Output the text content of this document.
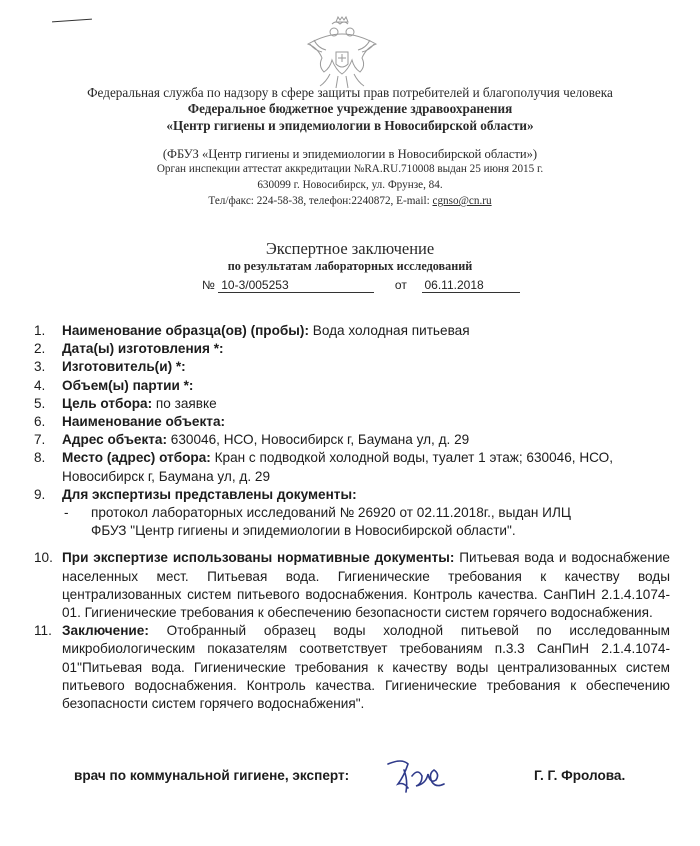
Федеральная служба по надзору в сфере защиты прав потребителей и благополучия человека
Федеральное бюджетное учреждение здравоохранения
«Центр гигиены и эпидемиологии в Новосибирской области»
(ФБУЗ «Центр гигиены и эпидемиологии в Новосибирской области»)
Орган инспекции аттестат аккредитации №RA.RU.710008 выдан 25 июня 2015 г.
630099 г. Новосибирск, ул. Фрунзе, 84.
Тел/факс: 224-58-38, телефон:2240872, E-mail: cgnso@cn.ru
Экспертное заключение
по результатам лабораторных исследований
№ 10-3/005253	от 06.11.2018
1.	Наименование образца(ов) (пробы): Вода холодная питьевая
2.	Дата(ы) изготовления *:
3.	Изготовитель(и) *:
4.	Объем(ы) партии *:
5.	Цель отбора: по заявке
6.	Наименование объекта:
7.	Адрес объекта: 630046, НСО, Новосибирск г, Баумана ул, д. 29
8.	Место (адрес) отбора: Кран с подводкой холодной воды, туалет 1 этаж; 630046, НСО, Новосибирск г, Баумана ул, д. 29
9.	Для экспертизы представлены документы:
-	протокол лабораторных исследований № 26920 от 02.11.2018г., выдан ИЛЦ
ФБУЗ "Центр гигиены и эпидемиологии в Новосибирской области".
10. При экспертизе использованы нормативные документы: Питьевая вода и водоснабжение населенных мест. Питьевая вода. Гигиенические требования к качеству воды централизованных систем питьевого водоснабжения. Контроль качества. СанПиН 2.1.4.1074-01. Гигиенические требования к обеспечению безопасности систем горячего водоснабжения.
11. Заключение: Отобранный образец воды холодной питьевой по исследованным микробиологическим показателям соответствует требованиям п.3.3 СанПиН 2.1.4.1074-01"Питьевая вода. Гигиенические требования к качеству воды централизованных систем питьевого водоснабжения. Контроль качества. Гигиенические требования к обеспечению безопасности систем горячего водоснабжения".
врач по коммунальной гигиене, эксперт:	Г. Г. Фролова.
